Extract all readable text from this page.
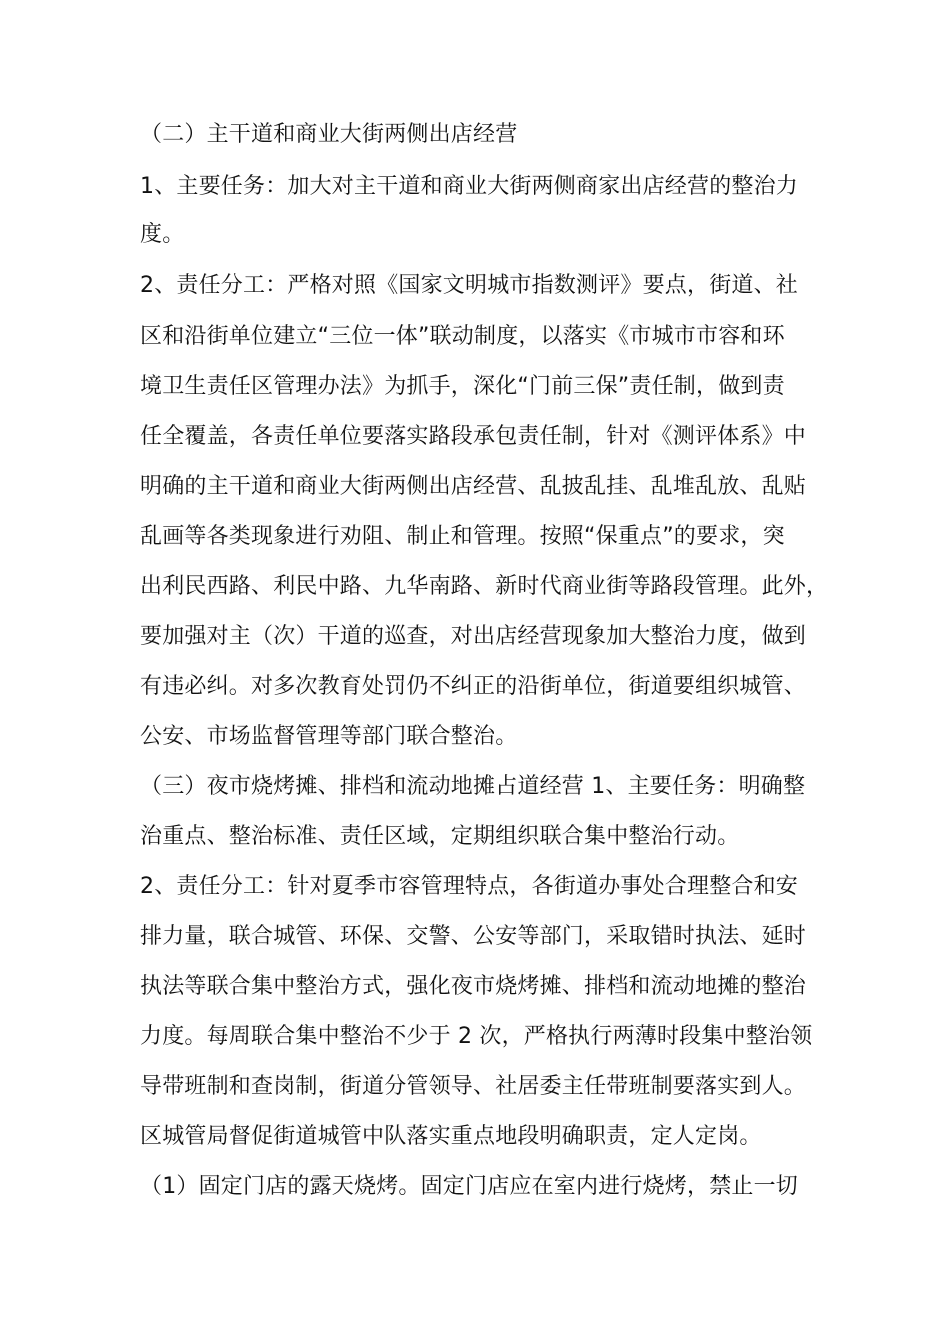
（二）主干道和商业大街两侧出店经营
1、主要任务：加大对主干道和商业大街两侧商家出店经营的整治力
度。
2、责任分工：严格对照《国家文明城市指数测评》要点，街道、社
区和沿街单位建立“三位一体”联动制度，以落实《市城市市容和环
境卫生责任区管理办法》为抓手，深化“门前三保”责任制，做到责
任全覆盖，各责任单位要落实路段承包责任制，针对《测评体系》中
明确的主干道和商业大街两侧出店经营、乱披乱挂、乱堆乱放、乱贴
乱画等各类现象进行劝阻、制止和管理。按照“保重点”的要求，突
出利民西路、利民中路、九华南路、新时代商业街等路段管理。此外，
要加强对主（次）干道的巡查，对出店经营现象加大整治力度，做到
有违必纠。对多次教育处罚仍不纠正的沿街单位，街道要组织城管、
公安、市场监督管理等部门联合整治。
（三）夜市烧烤摊、排档和流动地摊占道经营 1、主要任务：明确整
治重点、整治标准、责任区域，定期组织联合集中整治行动。
2、责任分工：针对夏季市容管理特点，各街道办事处合理整合和安
排力量，联合城管、环保、交警、公安等部门，采取错时执法、延时
执法等联合集中整治方式，强化夜市烧烤摊、排档和流动地摊的整治
力度。每周联合集中整治不少于 2 次，严格执行两薄时段集中整治领
导带班制和查岗制，街道分管领导、社居委主任带班制要落实到人。
区城管局督促街道城管中队落实重点地段明确职责，定人定岗。
（1）固定门店的露天烧烤。固定门店应在室内进行烧烤，禁止一切
